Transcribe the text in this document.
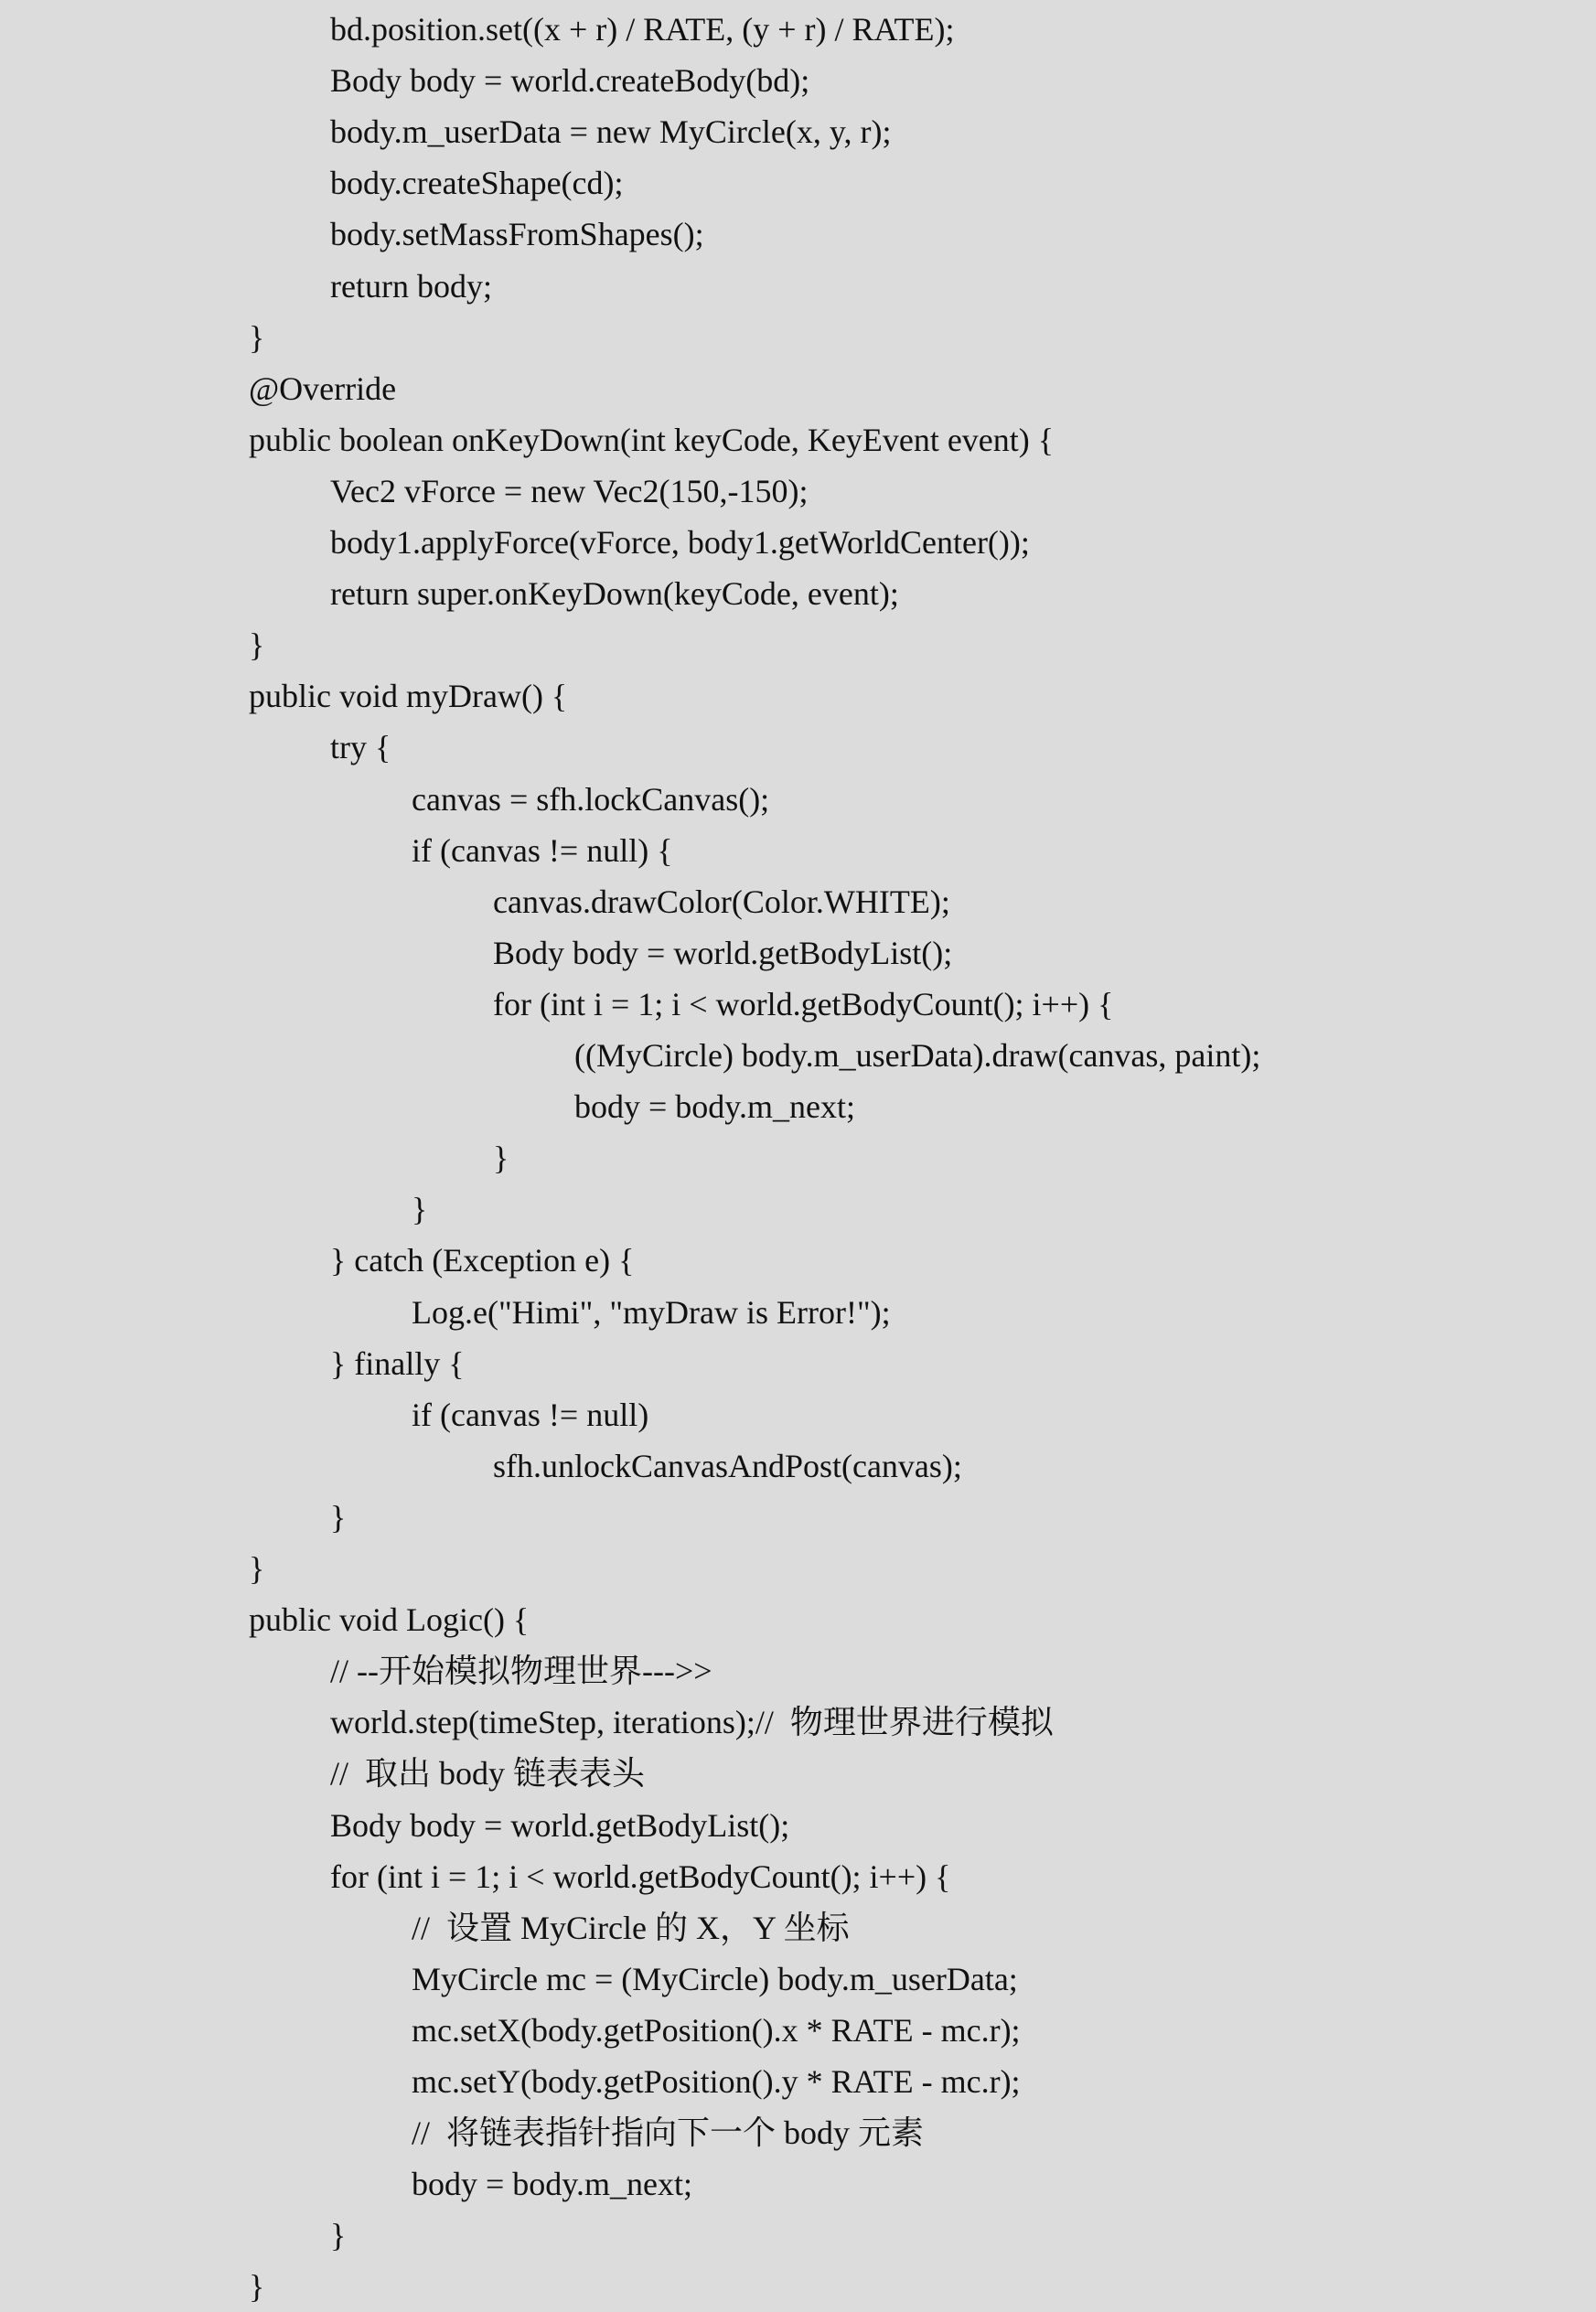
bd.position.set((x + r) / RATE, (y + r) / RATE);
Body body = world.createBody(bd);
body.m_userData = new MyCircle(x, y, r);
body.createShape(cd);
body.setMassFromShapes();
return body;
}
@Override
public boolean onKeyDown(int keyCode, KeyEvent event) {
Vec2 vForce = new Vec2(150,-150);
body1.applyForce(vForce, body1.getWorldCenter());
return super.onKeyDown(keyCode, event);
}
public void myDraw() {
try {
canvas = sfh.lockCanvas();
if (canvas != null) {
canvas.drawColor(Color.WHITE);
Body body = world.getBodyList();
for (int i = 1; i < world.getBodyCount(); i++) {
((MyCircle) body.m_userData).draw(canvas, paint);
body = body.m_next;
}
}
} catch (Exception e) {
Log.e("Himi", "myDraw is Error!");
} finally {
if (canvas != null)
sfh.unlockCanvasAndPost(canvas);
}
}
public void Logic() {
// --开始模拟物理世界--->>
world.step(timeStep, iterations);//  物理世界进行模拟
//  取出 body 链表表头
Body body = world.getBodyList();
for (int i = 1; i < world.getBodyCount(); i++) {
//  设置 MyCircle 的 X，Y 坐标
MyCircle mc = (MyCircle) body.m_userData;
mc.setX(body.getPosition().x * RATE - mc.r);
mc.setY(body.getPosition().y * RATE - mc.r);
//  将链表指针指向下一个 body 元素
body = body.m_next;
}
}
